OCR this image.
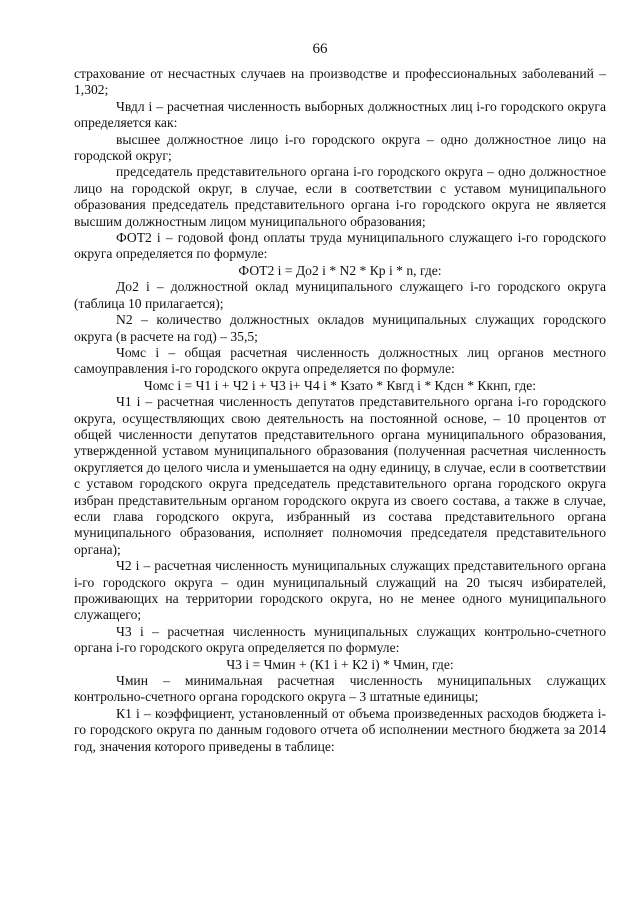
66

страхование от несчастных случаев на производстве и профессиональных заболеваний – 1,302;

Чвдл i – расчетная численность выборных должностных лиц i-го городского округа определяется как:

высшее должностное лицо i-го городского округа – одно должностное лицо на городской округ;

председатель представительного органа i-го городского округа – одно должностное лицо на городской округ, в случае, если в соответствии с уставом муниципального образования председатель представительного органа i-го городского округа не является высшим должностным лицом муниципального образования;

ФОТ2 i – годовой фонд оплаты труда муниципального служащего i-го городского округа определяется по формуле:

ФОТ2 i = До2 i * N2 * Кр i * n, где:

До2 i – должностной оклад муниципального служащего i-го городского округа (таблица 10 прилагается);

N2 – количество должностных окладов муниципальных служащих городского округа (в расчете на год) – 35,5;

Чомс i – общая расчетная численность должностных лиц органов местного самоуправления i-го городского округа определяется по формуле:

Чомс i = Ч1 i + Ч2 i + Ч3 i+ Ч4 i * Кзато * Квгд i * Кдсн * Ккнп, где:

Ч1 i – расчетная численность депутатов представительного органа i-го городского округа, осуществляющих свою деятельность на постоянной основе, – 10 процентов от общей численности депутатов представительного органа муниципального образования, утвержденной уставом муниципального образования (полученная расчетная численность округляется до целого числа и уменьшается на одну единицу, в случае, если в соответствии с уставом городского округа председатель представительного органа городского округа избран представительным органом городского округа из своего состава, а также в случае, если глава городского округа, избранный из состава представительного органа муниципального образования, исполняет полномочия председателя представительного органа);

Ч2 i – расчетная численность муниципальных служащих представительного органа i-го городского округа – один муниципальный служащий на 20 тысяч избирателей, проживающих на территории городского округа, но не менее одного муниципального служащего;

Ч3 i – расчетная численность муниципальных служащих контрольно-счетного органа i-го городского округа определяется по формуле:

Ч3 i = Чмин + (К1 i + К2 i) * Чмин, где:

Чмин – минимальная расчетная численность муниципальных служащих контрольно-счетного органа городского округа – 3 штатные единицы;

К1 i – коэффициент, установленный от объема произведенных расходов бюджета i-го городского округа по данным годового отчета об исполнении местного бюджета за 2014 год, значения которого приведены в таблице:
